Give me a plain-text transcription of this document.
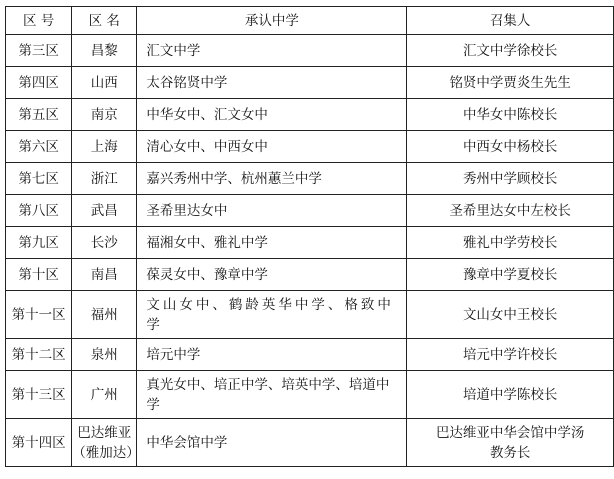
区 号	区 名	承认中学	召集人
第三区	昌黎	汇文中学	汇文中学徐校长
第四区	山西	太谷铭贤中学	铭贤中学贾炎生先生
第五区	南京	中华女中、汇文女中	中华女中陈校长
第六区	上海	清心女中、中西女中	中西女中杨校长
第七区	浙江	嘉兴秀州中学、杭州蕙兰中学	秀州中学顾校长
第八区	武昌	圣希里达女中	圣希里达女中左校长
第九区	长沙	福湘女中、雅礼中学	雅礼中学劳校长
第十区	南昌	葆灵女中、豫章中学	豫章中学夏校长
第十一区	福州	文山女中、鹤龄英华中学、格致中学	文山女中王校长
第十二区	泉州	培元中学	培元中学许校长
第十三区	广州	真光女中、培正中学、培英中学、培道中学	培道中学陈校长
第十四区	巴达维亚（雅加达）	中华会馆中学	巴达维亚中华会馆中学汤教务长
